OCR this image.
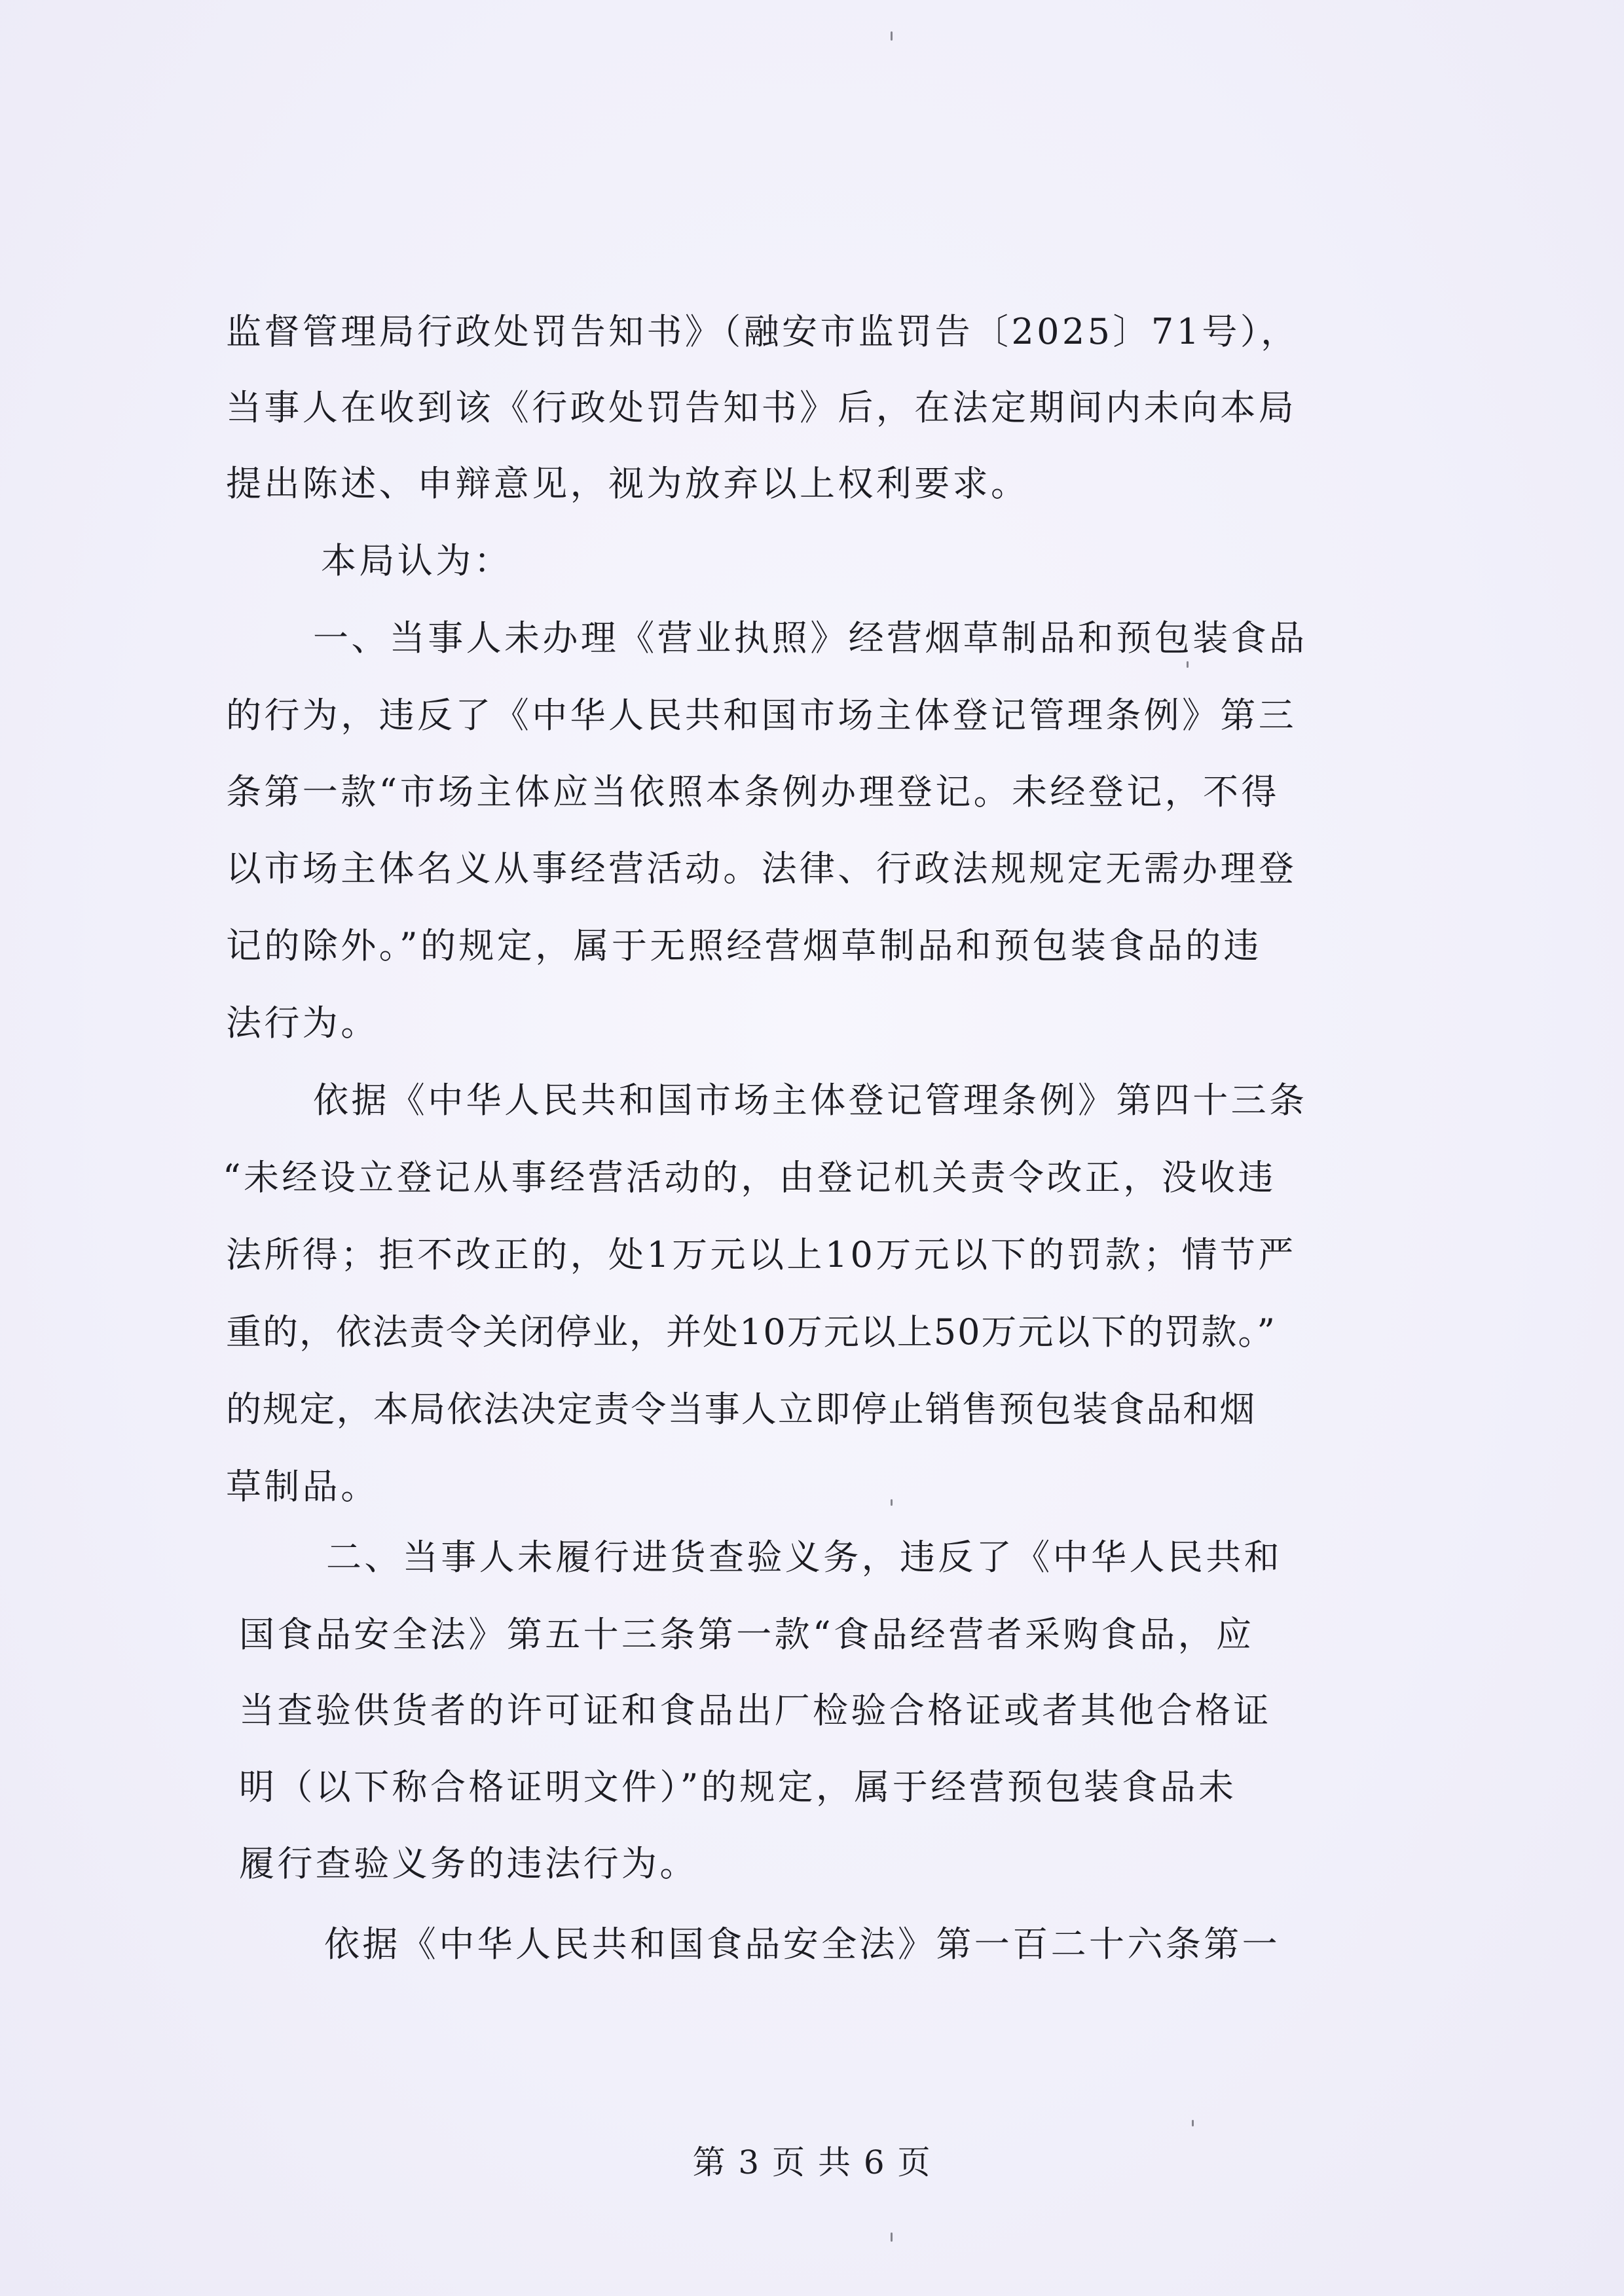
监督管理局行政处罚告知书》（融安市监罚告〔2025〕71号），
当事人在收到该《行政处罚告知书》后，在法定期间内未向本局
提出陈述、申辩意见，视为放弃以上权利要求。
本局认为：
一、当事人未办理《营业执照》经营烟草制品和预包装食品
的行为，违反了《中华人民共和国市场主体登记管理条例》第三
条第一款“市场主体应当依照本条例办理登记。未经登记，不得
以市场主体名义从事经营活动。法律、行政法规规定无需办理登
记的除外。”的规定，属于无照经营烟草制品和预包装食品的违
法行为。
依据《中华人民共和国市场主体登记管理条例》第四十三条
“未经设立登记从事经营活动的，由登记机关责令改正，没收违
法所得；拒不改正的，处1万元以上10万元以下的罚款；情节严
重的，依法责令关闭停业，并处10万元以上50万元以下的罚款。”
的规定，本局依法决定责令当事人立即停止销售预包装食品和烟
草制品。
二、当事人未履行进货查验义务，违反了《中华人民共和
国食品安全法》第五十三条第一款“食品经营者采购食品，应
当查验供货者的许可证和食品出厂检验合格证或者其他合格证
明（以下称合格证明文件）”的规定，属于经营预包装食品未
履行查验义务的违法行为。
依据《中华人民共和国食品安全法》第一百二十六条第一
第 3 页 共 6 页
